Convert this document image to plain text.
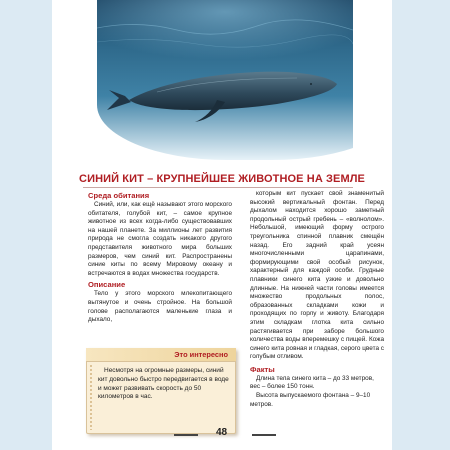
СИНИЙ КИТ – КРУПНЕЙШЕЕ ЖИВОТНОЕ НА ЗЕМЛЕ
Среда обитания

Синий, или, как ещё называют этого морского обитателя, голубой кит, – самое крупное животное из всех когда-либо существовавших на нашей планете. За миллионы лет развития природа не смогла создать никакого другого представителя животного мира больших размеров, чем синий кит. Распространены синие киты по всему Мировому океану и встречаются в водах множества государств.

Описание

Тело у этого морского млекопитающего вытянутое и очень стройное. На большой голове располагаются маленькие глаза и дыхало,

Это интересно
Несмотря на огромные размеры, синий кит довольно быстро передвигается в воде и может развивать скорость до 50 километров в час.

которым кит пускает свой знаменитый высокий вертикальный фонтан. Перед дыхалом находится хорошо заметный продольный острый гребень – «волнолом». Небольшой, имеющий форму острого треугольника спинной плавник смещён назад. Его задний край усеян многочисленными царапинами, формирующими свой особый рисунок, характерный для каждой особи. Грудные плавники синего кита узкие и довольно длинные. На нижней части головы имеется множество продольных полос, образованных складками кожи и проходящих по горлу и животу. Благодаря этим складкам глотка кита сильно растягивается при заборе большого количества воды вперемешку с пищей. Кожа синего кита ровная и гладкая, серого цвета с голубым отливом.

Факты

Длина тела синего кита – до 33 метров, вес – более 150 тонн.

Высота выпускаемого фонтана – 9–10 метров.

48
